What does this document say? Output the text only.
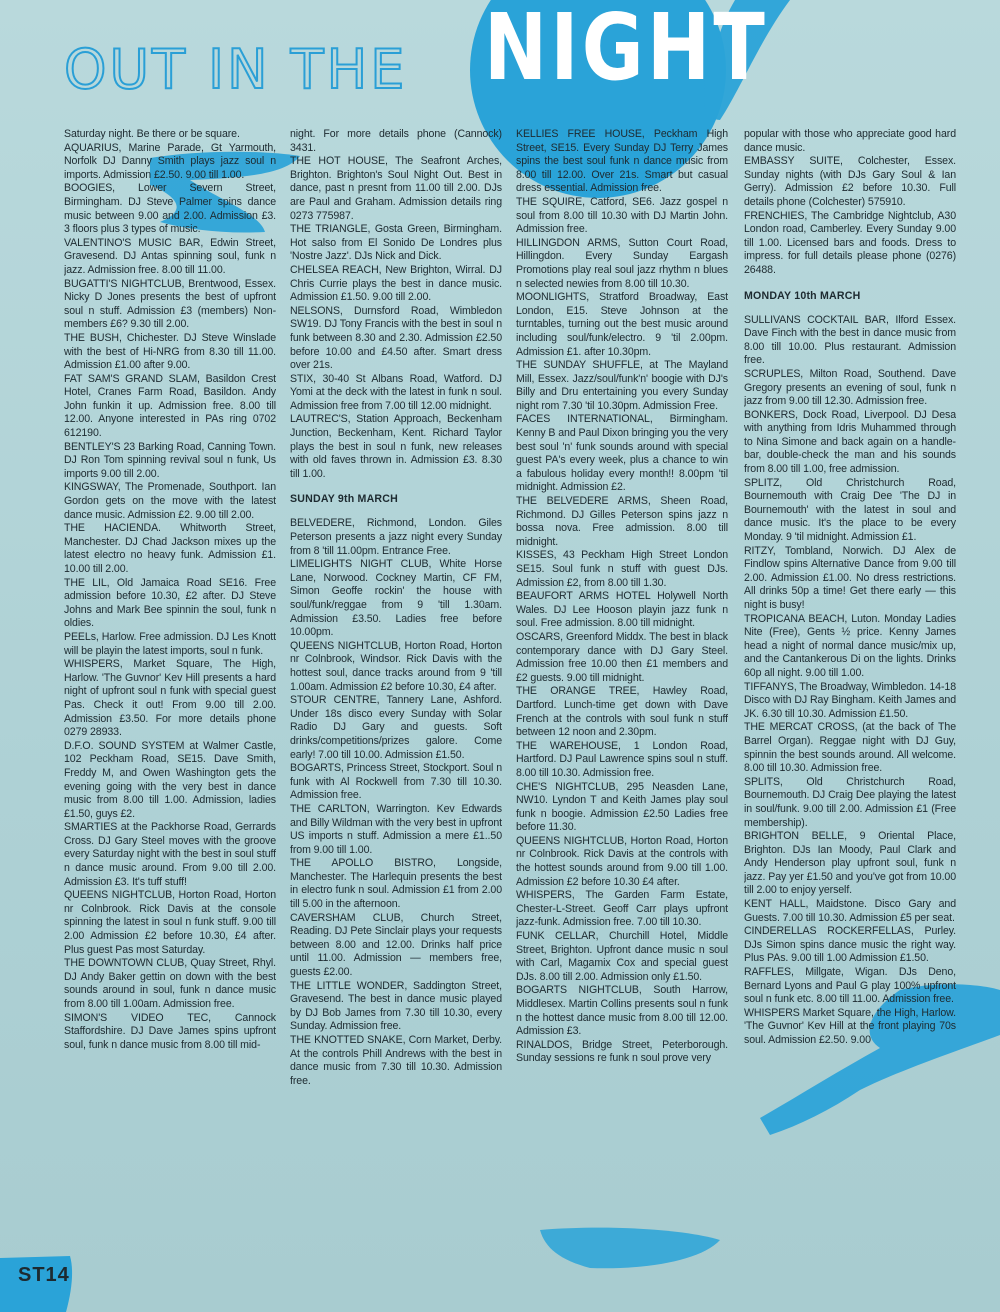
OUT IN THE NIGHT

Saturday night. Be there or be square.

AQUARIUS, Marine Parade, Gt Yarmouth, Norfolk DJ Danny Smith plays jazz soul n imports. Admission £2.50. 9.00 till 1.00.

BOOGIES, Lower Severn Street, Birmingham. DJ Steve Palmer spins dance music between 9.00 and 2.00. Admission £3. 3 floors plus 3 types of music.

VALENTINO'S MUSIC BAR, Edwin Street, Gravesend. DJ Antas spinning soul, funk n jazz. Admission free. 8.00 till 11.00.

BUGATTI'S NIGHTCLUB, Brentwood, Essex. Nicky D Jones presents the best of upfront soul n stuff. Admission £3 (members) Non-members £6? 9.30 till 2.00.

THE BUSH, Chichester. DJ Steve Winslade with the best of Hi-NRG from 8.30 till 11.00. Admission £1.00 after 9.00.

FAT SAM'S GRAND SLAM, Basildon Crest Hotel, Cranes Farm Road, Basildon. Andy John funkin it up. Admission free. 8.00 till 12.00. Anyone interested in PAs ring 0702 612190.

BENTLEY'S 23 Barking Road, Canning Town. DJ Ron Tom spinning revival soul n funk, Us imports 9.00 till 2.00.

KINGSWAY, The Promenade, Southport. Ian Gordon gets on the move with the latest dance music. Admission £2. 9.00 till 2.00.

THE HACIENDA. Whitworth Street, Manchester. DJ Chad Jackson mixes up the latest electro no heavy funk. Admission £1. 10.00 till 2.00.

THE LIL, Old Jamaica Road SE16. Free admission before 10.30, £2 after. DJ Steve Johns and Mark Bee spinnin the soul, funk n oldies.

PEELs, Harlow. Free admission. DJ Les Knott will be playin the latest imports, soul n funk.

WHISPERS, Market Square, The High, Harlow. 'The Guvnor' Kev Hill presents a hard night of upfront soul n funk with special guest Pas. Check it out! From 9.00 till 2.00. Admission £3.50. For more details phone 0279 28933.

D.F.O. SOUND SYSTEM at Walmer Castle, 102 Peckham Road, SE15. Dave Smith, Freddy M, and Owen Washington gets the evening going with the very best in dance music from 8.00 till 1.00. Admission, ladies £1.50, guys £2.

SMARTIES at the Packhorse Road, Gerrards Cross. DJ Gary Steel moves with the groove every Saturday night with the best in soul stuff n dance music around. From 9.00 till 2.00. Admission £3. It's tuff stuff!

QUEENS NIGHTCLUB, Horton Road, Horton nr Colnbrook. Rick Davis at the console spinning the latest in soul n funk stuff. 9.00 till 2.00 Admission £2 before 10.30, £4 after. Plus guest Pas most Saturday.

THE DOWNTOWN CLUB, Quay Street, Rhyl. DJ Andy Baker gettin on down with the best sounds around in soul, funk n dance music from 8.00 till 1.00am. Admission free.

SIMON'S VIDEO TEC, Cannock Staffordshire. DJ Dave James spins upfront soul, funk n dance music from 8.00 till mid-

night. For more details phone (Cannock) 3431.

THE HOT HOUSE, The Seafront Arches, Brighton. Brighton's Soul Night Out. Best in dance, past n presnt from 11.00 till 2.00. DJs are Paul and Graham. Admission details ring 0273 775987.

THE TRIANGLE, Gosta Green, Birmingham. Hot salso from El Sonido De Londres plus 'Nostre Jazz'. DJs Nick and Dick.

CHELSEA REACH, New Brighton, Wirral. DJ Chris Currie plays the best in dance music. Admission £1.50. 9.00 till 2.00.

NELSONS, Durnsford Road, Wimbledon SW19. DJ Tony Francis with the best in soul n funk between 8.30 and 2.30. Admission £2.50 before 10.00 and £4.50 after. Smart dress over 21s.

STIX, 30-40 St Albans Road, Watford. DJ Yomi at the deck with the latest in funk n soul. Admission free from 7.00 till 12.00 midnight.

LAUTREC'S, Station Approach, Beckenham Junction, Beckenham, Kent. Richard Taylor plays the best in soul n funk, new releases with old faves thrown in. Admission £3. 8.30 till 1.00.

SUNDAY 9th MARCH

BELVEDERE, Richmond, London. Giles Peterson presents a jazz night every Sunday from 8 'till 11.00pm. Entrance Free.

LIMELIGHTS NIGHT CLUB, White Horse Lane, Norwood. Cockney Martin, CF FM, Simon Geoffe rockin' the house with soul/funk/reggae from 9 'till 1.30am. Admission £3.50. Ladies free before 10.00pm.

QUEENS NIGHTCLUB, Horton Road, Horton nr Colnbrook, Windsor. Rick Davis with the hottest soul, dance tracks around from 9 'till 1.00am. Admission £2 before 10.30, £4 after.

STOUR CENTRE, Tannery Lane, Ashford. Under 18s disco every Sunday with Solar Radio DJ Gary and guests. Soft drinks/competitions/prizes galore. Come early! 7.00 till 10.00. Admission £1.50.

BOGARTS, Princess Street, Stockport. Soul n funk with Al Rockwell from 7.30 till 10.30. Admission free.

THE CARLTON, Warrington. Kev Edwards and Billy Wildman with the very best in upfront US imports n stuff. Admission a mere £1..50 from 9.00 till 1.00.

THE APOLLO BISTRO, Longside, Manchester. The Harlequin presents the best in electro funk n soul. Admission £1 from 2.00 till 5.00 in the afternoon.

CAVERSHAM CLUB, Church Street, Reading. DJ Pete Sinclair plays your requests between 8.00 and 12.00. Drinks half price until 11.00. Admission — members free, guests £2.00.

THE LITTLE WONDER, Saddington Street, Gravesend. The best in dance music played by DJ Bob James from 7.30 till 10.30, every Sunday. Admission free.

THE KNOTTED SNAKE, Corn Market, Derby. At the controls Phill Andrews with the best in dance music from 7.30 till 10.30. Admission free.

KELLIES FREE HOUSE, Peckham High Street, SE15. Every Sunday DJ Terry James spins the best soul funk n dance music from 8.00 till 12.00. Over 21s. Smart but casual dress essential. Admission free.

THE SQUIRE, Catford, SE6. Jazz gospel n soul from 8.00 till 10.30 with DJ Martin John. Admission free.

HILLINGDON ARMS, Sutton Court Road, Hillingdon. Every Sunday Eargash Promotions play real soul jazz rhythm n blues n selected newies from 8.00 till 10.30.

MOONLIGHTS, Stratford Broadway, East London, E15. Steve Johnson at the turntables, turning out the best music around including soul/funk/electro. 9 'til 2.00pm. Admission £1. after 10.30pm.

THE SUNDAY SHUFFLE, at The Mayland Mill, Essex. Jazz/soul/funk'n' boogie with DJ's Billy and Dru entertaining you every Sunday night rom 7.30 'til 10.30pm. Admission Free.

FACES INTERNATIONAL, Birmingham. Kenny B and Paul Dixon bringing you the very best soul 'n' funk sounds around with special guest PA's every week, plus a chance to win a fabulous holiday every month!! 8.00pm 'til midnight. Admission £2.

THE BELVEDERE ARMS, Sheen Road, Richmond. DJ Gilles Peterson spins jazz n bossa nova. Free admission. 8.00 till midnight.

KISSES, 43 Peckham High Street London SE15. Soul funk n stuff with guest DJs. Admission £2, from 8.00 till 1.30.

BEAUFORT ARMS HOTEL Holywell North Wales. DJ Lee Hooson playin jazz funk n soul. Free admission. 8.00 till midnight.

OSCARS, Greenford Middx. The best in black contemporary dance with DJ Gary Steel. Admission free 10.00 then £1 members and £2 guests. 9.00 till midnight.

THE ORANGE TREE, Hawley Road, Dartford. Lunch-time get down with Dave French at the controls with soul funk n stuff between 12 noon and 2.30pm.

THE WAREHOUSE, 1 London Road, Hartford. DJ Paul Lawrence spins soul n stuff. 8.00 till 10.30. Admission free.

CHE'S NIGHTCLUB, 295 Neasden Lane, NW10. Lyndon T and Keith James play soul funk n boogie. Admission £2.50 Ladies free before 11.30.

QUEENS NIGHTCLUB, Horton Road, Horton nr Colnbrook. Rick Davis at the controls with the hottest sounds around from 9.00 till 1.00. Admission £2 before 10.30 £4 after.

WHISPERS, The Garden Farm Estate, Chester-L-Street. Geoff Carr plays upfront jazz-funk. Admission free. 7.00 till 10.30.

FUNK CELLAR, Churchill Hotel, Middle Street, Brighton. Upfront dance music n soul with Carl, Magamix Cox and special guest DJs. 8.00 till 2.00. Admission only £1.50.

BOGARTS NIGHTCLUB, South Harrow, Middlesex. Martin Collins presents soul n funk n the hottest dance music from 8.00 till 12.00. Admission £3.

RINALDOS, Bridge Street, Peterborough. Sunday sessions re funk n soul prove very

popular with those who appreciate good hard dance music.

EMBASSY SUITE, Colchester, Essex. Sunday nights (with DJs Gary Soul & Ian Gerry). Admission £2 before 10.30. Full details phone (Colchester) 575910.

FRENCHIES, The Cambridge Nightclub, A30 London road, Camberley. Every Sunday 9.00 till 1.00. Licensed bars and foods. Dress to impress. for full details please phone (0276) 26488.

MONDAY 10th MARCH

SULLIVANS COCKTAIL BAR, Ilford Essex. Dave Finch with the best in dance music from 8.00 till 10.00. Plus restaurant. Admission free.

SCRUPLES, Milton Road, Southend. Dave Gregory presents an evening of soul, funk n jazz from 9.00 till 12.30. Admission free.

BONKERS, Dock Road, Liverpool. DJ Desa with anything from Idris Muhammed through to Nina Simone and back again on a handle-bar, double-check the man and his sounds from 8.00 till 1.00, free admission.

SPLITZ, Old Christchurch Road, Bournemouth with Craig Dee 'The DJ in Bournemouth' with the latest in soul and dance music. It's the place to be every Monday. 9 'til midnight. Admission £1.

RITZY, Tombland, Norwich. DJ Alex de Findlow spins Alternative Dance from 9.00 till 2.00. Admission £1.00. No dress restrictions. All drinks 50p a time! Get there early — this night is busy!

TROPICANA BEACH, Luton. Monday Ladies Nite (Free), Gents ½ price. Kenny James head a night of normal dance music/mix up, and the Cantankerous Di on the lights. Drinks 60p all night. 9.00 till 1.00.

TIFFANYS, The Broadway, Wimbledon. 14-18 Disco with DJ Ray Bingham. Keith James and JK. 6.30 till 10.30. Admission £1.50.

THE MERCAT CROSS, (at the back of The Barrel Organ). Reggae night with DJ Guy, spinnin the best sounds around. All welcome. 8.00 till 10.30. Admission free.

SPLITS, Old Christchurch Road, Bournemouth. DJ Craig Dee playing the latest in soul/funk. 9.00 till 2.00. Admission £1 (Free membership).

BRIGHTON BELLE, 9 Oriental Place, Brighton. DJs Ian Moody, Paul Clark and Andy Henderson play upfront soul, funk n jazz. Pay yer £1.50 and you've got from 10.00 till 2.00 to enjoy yerself.

KENT HALL, Maidstone. Disco Gary and Guests. 7.00 till 10.30. Admission £5 per seat.

CINDERELLAS ROCKERFELLAS, Purley. DJs Simon spins dance music the right way. Plus PAs. 9.00 till 1.00 Admission £1.50.

RAFFLES, Millgate, Wigan. DJs Deno, Bernard Lyons and Paul G play 100% upfront soul n funk etc. 8.00 till 11.00. Admission free.

WHISPERS Market Square, the High, Harlow. 'The Guvnor' Kev Hill at the front playing 70s soul. Admission £2.50. 9.00

ST14
